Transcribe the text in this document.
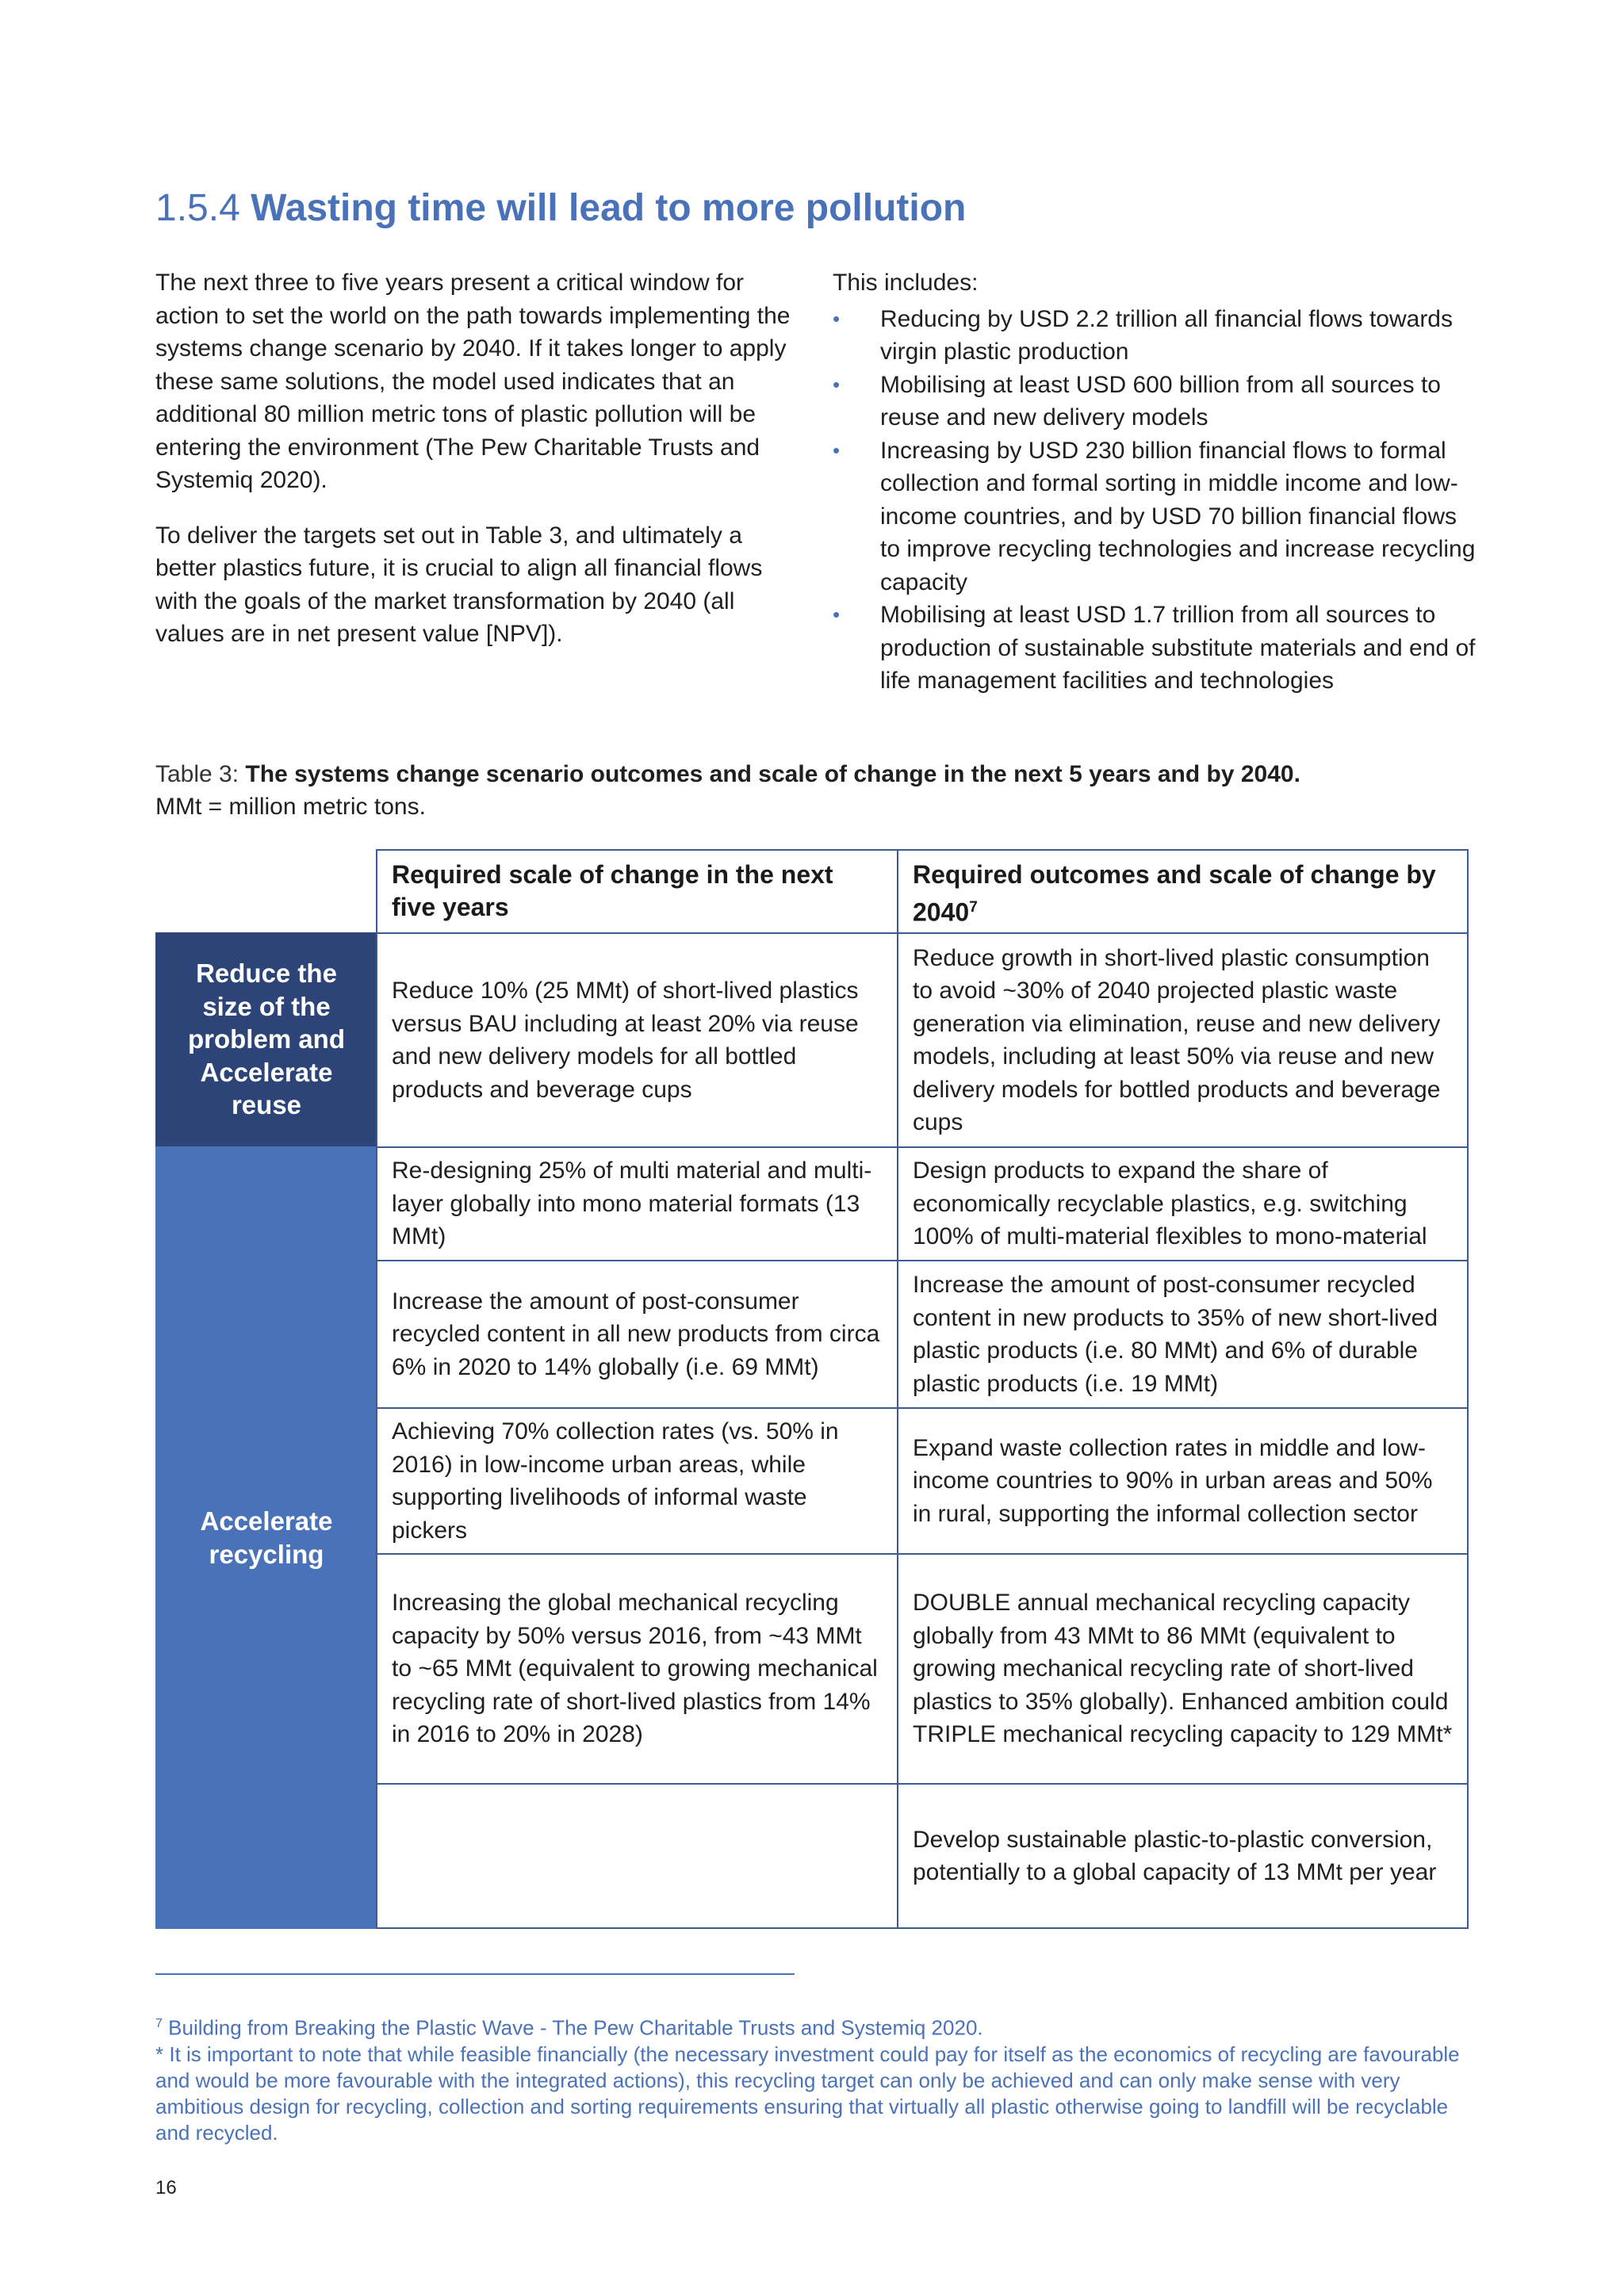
1.5.4 Wasting time will lead to more pollution

The next three to five years present a critical window for action to set the world on the path towards implementing the systems change scenario by 2040. If it takes longer to apply these same solutions, the model used indicates that an additional 80 million metric tons of plastic pollution will be entering the environment (The Pew Charitable Trusts and Systemiq 2020).

To deliver the targets set out in Table 3, and ultimately a better plastics future, it is crucial to align all financial flows with the goals of the market transformation by 2040 (all values are in net present value [NPV]).

This includes:

• Reducing by USD 2.2 trillion all financial flows towards virgin plastic production
• Mobilising at least USD 600 billion from all sources to reuse and new delivery models
• Increasing by USD 230 billion financial flows to formal collection and formal sorting in middle income and low-income countries, and by USD 70 billion financial flows to improve recycling technologies and increase recycling capacity
• Mobilising at least USD 1.7 trillion from all sources to production of sustainable substitute materials and end of life management facilities and technologies
Table 3: The systems change scenario outcomes and scale of change in the next 5 years and by 2040.
MMt = million metric tons.
Required scale of change in the next five years
Required outcomes and scale of change by 2040$^7$
Reduce the size of the problem and Accelerate reuse
Accelerate recycling
Reduce 10% (25 MMt) of short-lived plastics versus BAU including at least 20% via reuse and new delivery models for all bottled products and beverage cups
Reduce growth in short-lived plastic consumption to avoid ~30% of 2040 projected plastic waste generation via elimination, reuse and new delivery models, including at least 50% via reuse and new delivery models for bottled products and beverage cups
Re-designing 25% of multi material and multi-layer globally into mono material formats (13 MMt)
Design products to expand the share of economically recyclable plastics, e.g. switching 100% of multi-material flexibles to mono-material
Increase the amount of post-consumer recycled content in all new products from circa 6% in 2020 to 14% globally (i.e. 69 MMt)
Increase the amount of post-consumer recycled content in new products to 35% of new short-lived plastic products (i.e. 80 MMt) and 6% of durable plastic products (i.e. 19 MMt)
Achieving 70% collection rates (vs. 50% in 2016) in low-income urban areas, while supporting livelihoods of informal waste pickers
Expand waste collection rates in middle and low-income countries to 90% in urban areas and 50% in rural, supporting the informal collection sector
Increasing the global mechanical recycling capacity by 50% versus 2016, from ~43 MMt to ~65 MMt (equivalent to growing mechanical recycling rate of short-lived plastics from 14% in 2016 to 20% in 2028)
DOUBLE annual mechanical recycling capacity globally from 43 MMt to 86 MMt (equivalent to growing mechanical recycling rate of short-lived plastics to 35% globally). Enhanced ambition could TRIPLE mechanical recycling capacity to 129 MMt*
Develop sustainable plastic-to-plastic conversion, potentially to a global capacity of 13 MMt per year

$^7$ Building from Breaking the Plastic Wave - The Pew Charitable Trusts and Systemiq 2020.

* It is important to note that while feasible financially (the necessary investment could pay for itself as the economics of recycling are favourable and would be more favourable with the integrated actions), this recycling target can only be achieved and can only make sense with very ambitious design for recycling, collection and sorting requirements ensuring that virtually all plastic otherwise going to landfill will be recyclable and recycled.

16
